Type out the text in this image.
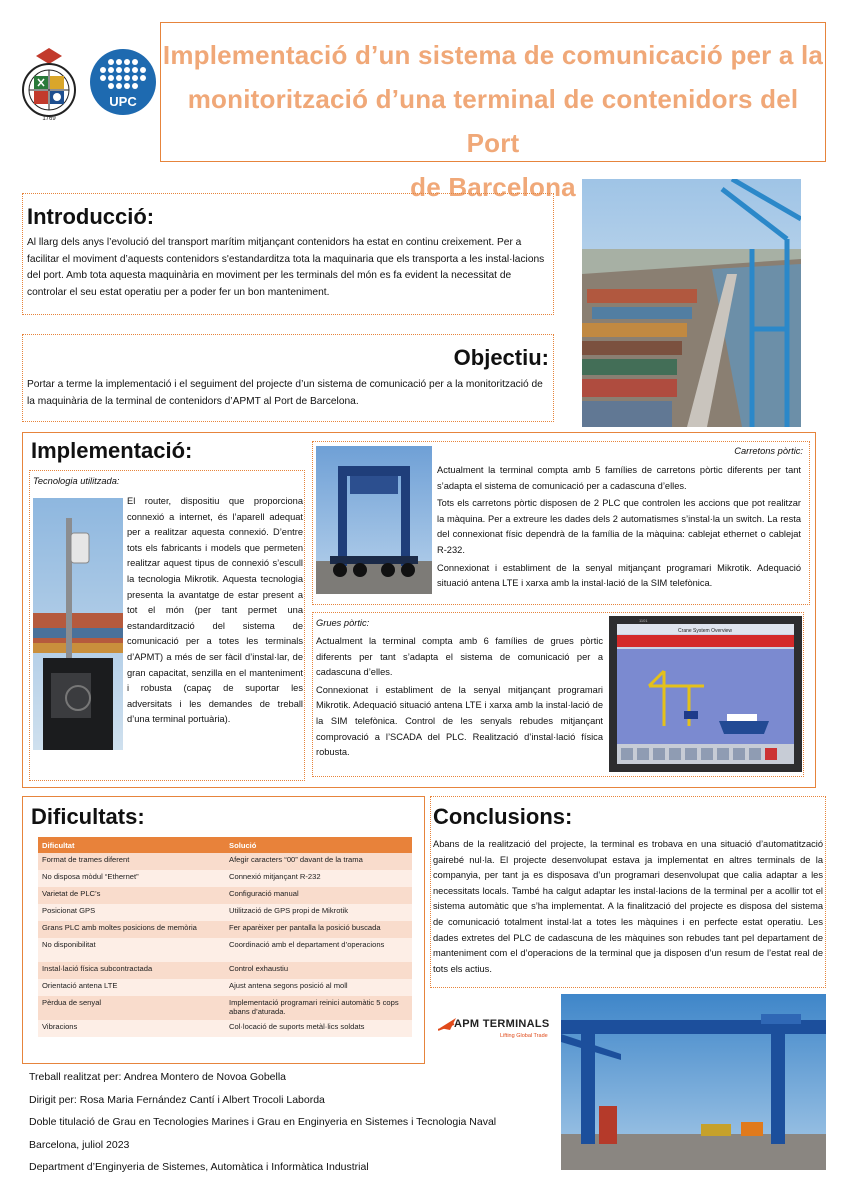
Implementació d’un sistema de comunicació per a la
monitorització d’una terminal de contenidors del Port
de Barcelona
1769
UPC
Introducció:
Al llarg dels anys l’evolució del transport marítim mitjançant contenidors ha estat en continu creixement. Per a facilitar el moviment d’aquests contenidors s'estandarditza tota la maquinaria que els transporta a les instal·lacions del port. Amb tota aquesta maquinària en moviment per les terminals del món es fa evident la necessitat de controlar el seu estat operatiu per a poder fer un bon manteniment.
Objectiu:
Portar a terme la implementació i el seguiment del projecte d’un sistema de comunicació per a la monitorització de la maquinària de la terminal de contenidors d’APMT al Port de Barcelona.
Implementació:
Tecnologia utilitzada:
El router, dispositiu que proporciona connexió a internet, és l’aparell adequat per a realitzar aquesta connexió. D’entre tots els fabricants i models que permeten realitzar aquest tipus de connexió s’escull la tecnologia Mikrotik. Aquesta tecnologia presenta la avantatge de estar present a tot el món (per tant permet una estandardització del sistema de comunicació per a totes les terminals d’APMT) a més de ser fàcil d’instal·lar, de gran capacitat, senzilla en el manteniment i robusta (capaç de suportar les adversitats i les demandes de treball d’una terminal portuària).
Carretons pòrtic:

Actualment la terminal compta amb 5 famílies de carretons pòrtic diferents per tant s’adapta el sistema de comunicació per a cadascuna d’elles.

Tots els carretons pòrtic disposen de 2 PLC que controlen les accions que pot realitzar la màquina. Per a extreure les dades dels 2 automatismes s’instal·la un switch. La resta del connexionat físic dependrà de la família de la màquina: cablejat ethernet o cablejat R-232.

Connexionat i establiment de la senyal mitjançant programari Mikrotik. Adequació situació antena LTE i xarxa amb la instal·lació de la SIM telefònica.

Grues pòrtic:

Actualment la terminal compta amb 6 famílies de grues pòrtic diferents per tant s’adapta el sistema de comunicació per a cadascuna d’elles.

Connexionat i establiment de la senyal mitjançant programari Mikrotik. Adequació situació antena LTE i xarxa amb la instal·lació de la SIM telefònica. Control de les senyals rebudes mitjançant comprovació a l’SCADA del PLC. Realització d’instal·lació física robusta.

Crane System Overview
1101
Dificultats:
Dificultat	Solució
Format de trames diferent	Afegir caracters “00” davant de la trama
No disposa mòdul “Ethernet”	Connexió mitjançant R-232
Varietat de PLC’s	Configuració manual
Posicionat GPS	Utilització de GPS propi de Mikrotik
Grans PLC amb moltes posicions de memòria	Fer aparèixer per pantalla la posició buscada
No disponibilitat	Coordinació amb el departament d’operacions
Instal·lació física subcontractada	Control exhaustiu
Orientació antena LTE	Ajust antena segons posició al moll
Pèrdua de senyal	Implementació programari reinici automàtic 5 cops abans d’aturada.
Vibracions	Col·locació de suports metàl·lics soldats
Conclusions:
Abans de la realització del projecte, la terminal es trobava en una situació d’automatització gairebé nul·la. El projecte desenvolupat estava ja implementat en altres terminals de la companyia, per tant ja es disposava d’un programari desenvolupat que calia adaptar a les necessitats locals. També ha calgut adaptar les instal·lacions de la terminal per a acollir tot el sistema automàtic que s’ha implementat. A la finalització del projecte es disposa del sistema de comunicació totalment instal·lat a totes les màquines i en perfecte estat operatiu. Les dades extretes del PLC de cadascuna de les màquines son rebudes tant pel departament de manteniment com el d’operacions de la terminal que ja disposen d’un resum de l’estat real de tots els actius.
APM TERMINALS
Lifting Global Trade
Treball realitzat per: Andrea Montero de Novoa Gobella
Dirigit per: Rosa Maria Fernández Cantí i Albert Trocoli Laborda
Doble titulació de Grau en Tecnologies Marines i Grau en Enginyeria en Sistemes i Tecnologia Naval
Barcelona, juliol 2023
Department d’Enginyeria de Sistemes, Automàtica i Informàtica Industrial
